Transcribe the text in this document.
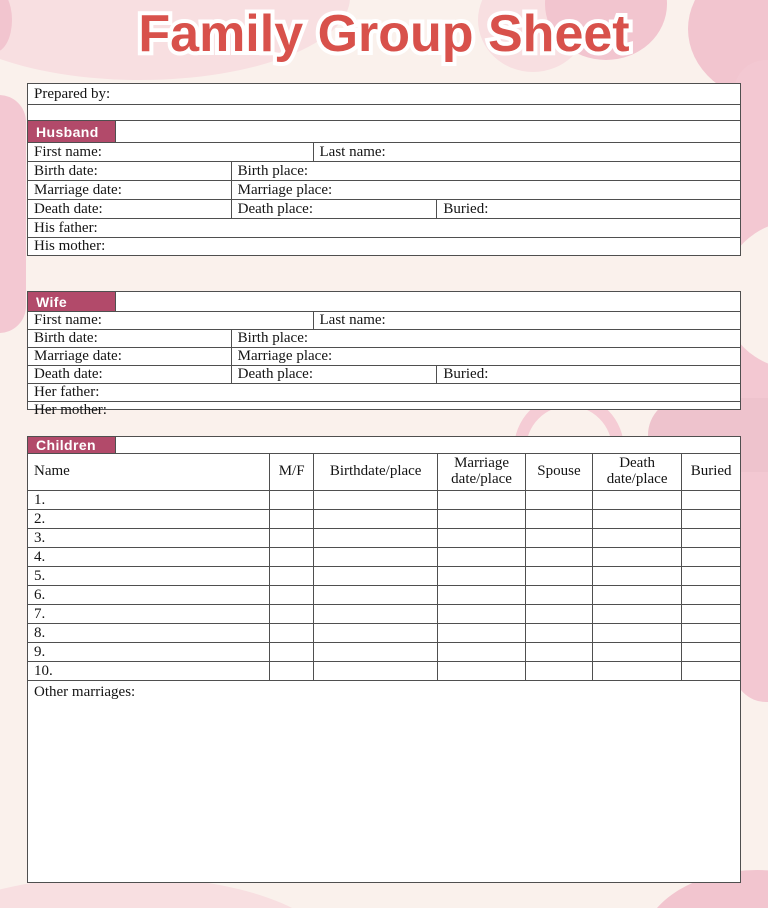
Family Group Sheet
Prepared by:
Husband
First name:	Last name:
Birth date:	Birth place:
Marriage date:	Marriage place:
Death date:	Death place:	Buried:
His father:
His mother:
Wife
First name:	Last name:
Birth date:	Birth place:
Marriage date:	Marriage place:
Death date:	Death place:	Buried:
Her father:
Her mother:
Children
Name	M/F	Birthdate/place	Marriage date/place	Spouse	Death date/place	Buried
1.
2.
3.
4.
5.
6.
7.
8.
9.
10.
Other marriages:
